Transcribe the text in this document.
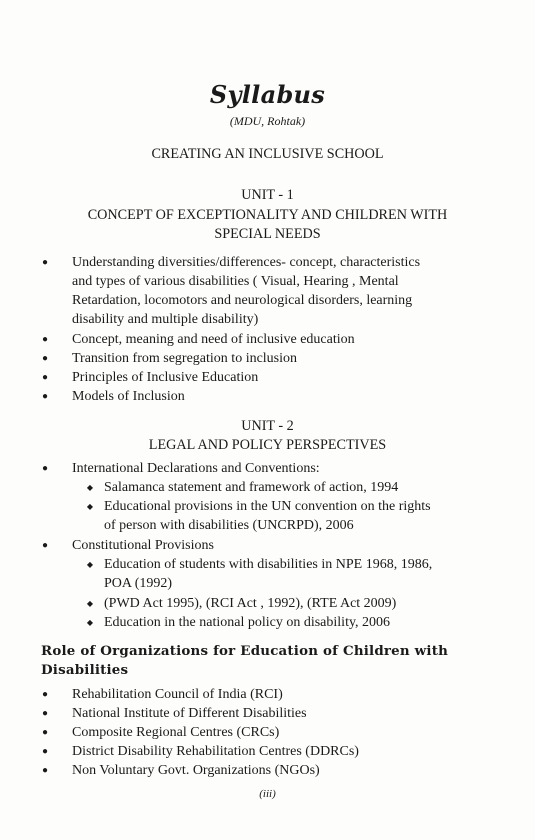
Syllabus
(MDU, Rohtak)
CREATING AN INCLUSIVE SCHOOL
UNIT - 1
CONCEPT OF EXCEPTIONALITY AND CHILDREN WITH
SPECIAL NEEDS
● Understanding diversities/differences- concept, characteristics
and types of various disabilities ( Visual, Hearing , Mental
Retardation, locomotors and neurological disorders, learning
disability and multiple disability)
● Concept, meaning and need of inclusive education
● Transition from segregation to inclusion
● Principles of Inclusive Education
● Models of Inclusion
UNIT - 2
LEGAL AND POLICY PERSPECTIVES
● International Declarations and Conventions:
◆ Salamanca statement and framework of action, 1994
◆ Educational provisions in the UN convention on the rights
of person with disabilities (UNCRPD), 2006
● Constitutional Provisions
◆ Education of students with disabilities in NPE 1968, 1986,
POA (1992)
◆ (PWD Act 1995), (RCI Act , 1992), (RTE Act 2009)
◆ Education in the national policy on disability, 2006
Role of Organizations for Education of Children with
Disabilities
● Rehabilitation Council of India (RCI)
● National Institute of Different Disabilities
● Composite Regional Centres (CRCs)
● District Disability Rehabilitation Centres (DDRCs)
● Non Voluntary Govt. Organizations (NGOs)
(iii)
